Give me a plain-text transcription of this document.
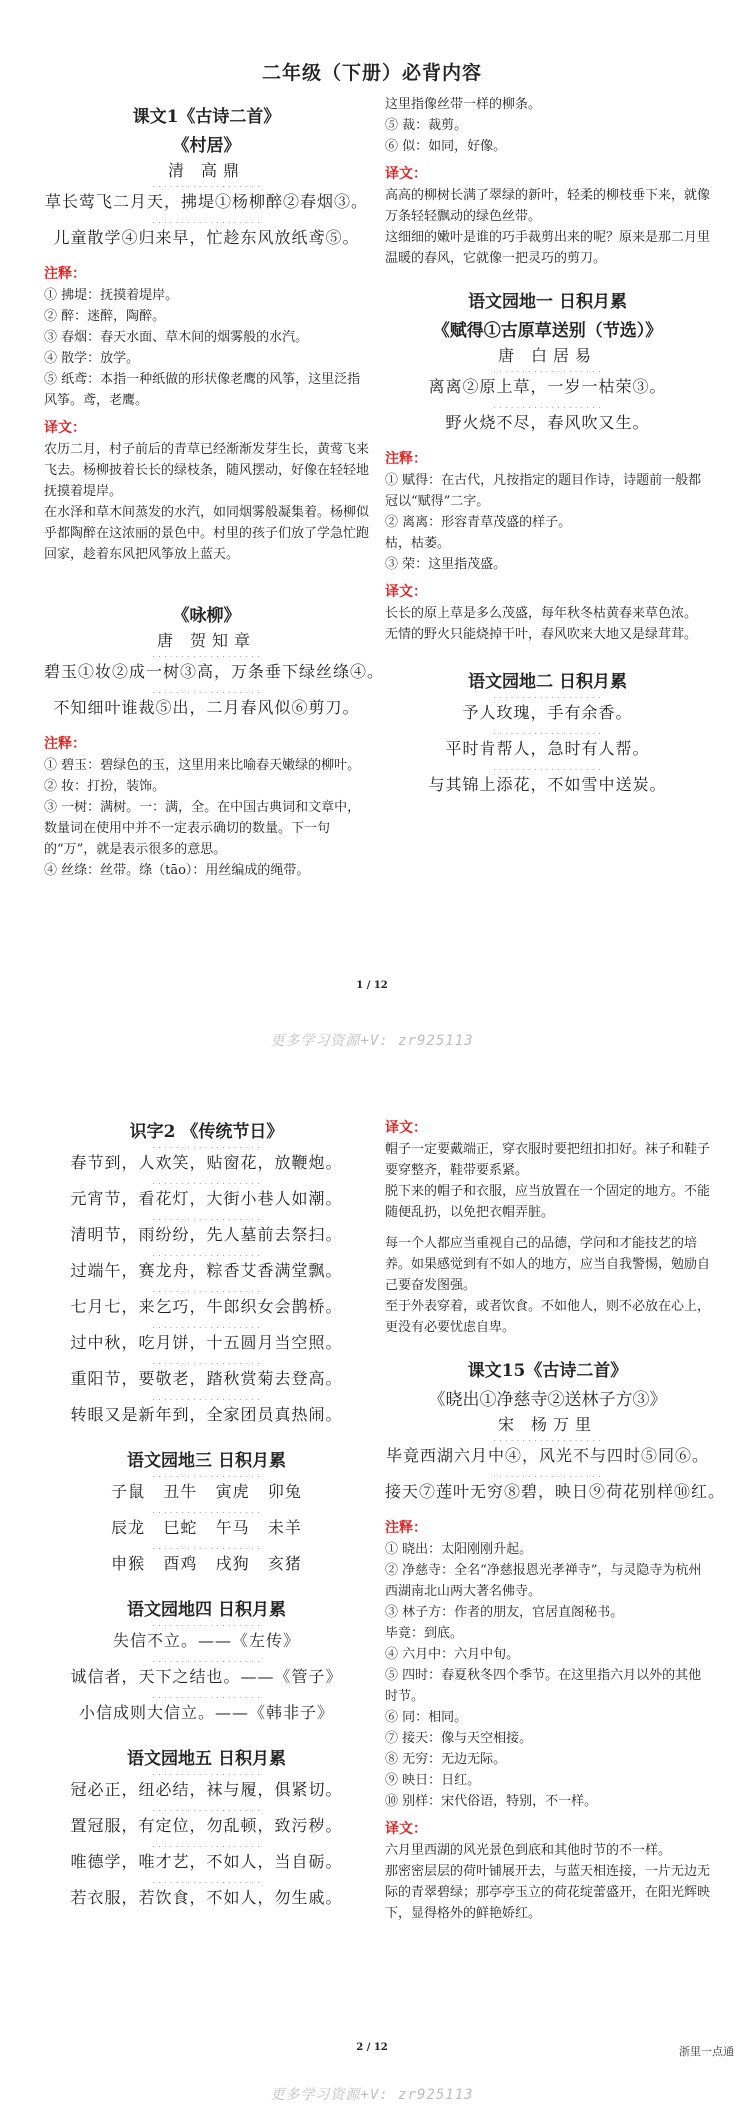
二年级（下册）必背内容
课文1《古诗二首》
《村居》
清 高鼎
· · · 草长莺飞二月天，拂堤①杨柳醉②春烟③。
· · · 儿童散学④归来早，忙趁东风放纸鸢⑤。
注释：

① 拂堤：抚摸着堤岸。

② 醉：迷醉，陶醉。

③ 春烟：春天水面、草木间的烟雾般的水汽。

④ 散学：放学。

⑤ 纸鸢：本指一种纸做的形状像老鹰的风筝，这里泛指风筝。鸢，老鹰。

译文：

农历二月，村子前后的青草已经渐渐发芽生长，黄莺飞来飞去。杨柳披着长长的绿枝条，随风摆动，好像在轻轻地抚摸着堤岸。

在水泽和草木间蒸发的水汽，如同烟雾般凝集着。杨柳似乎都陶醉在这浓丽的景色中。村里的孩子们放了学急忙跑回家，趁着东风把风筝放上蓝天。

《咏柳》
唐 贺知章
· · · 碧玉①妆②成一树③高，万条垂下绿丝绦④。
· · · 不知细叶谁裁⑤出，二月春风似⑥剪刀。
注释：

① 碧玉：碧绿色的玉，这里用来比喻春天嫩绿的柳叶。

② 妆：打扮，装饰。

③ 一树：满树。一：满，全。在中国古典词和文章中，数量词在使用中并不一定表示确切的数量。下一句的“万”，就是表示很多的意思。

④ 丝绦：丝带。绦（tāo）：用丝编成的绳带。

这里指像丝带一样的柳条。

⑤ 裁：裁剪。

⑥ 似：如同，好像。

译文：

高高的柳树长满了翠绿的新叶，轻柔的柳枝垂下来，就像万条轻轻飘动的绿色丝带。

这细细的嫩叶是谁的巧手裁剪出来的呢？原来是那二月里温暖的春风，它就像一把灵巧的剪刀。

语文园地一 日积月累
《赋得①古原草送别（节选）》
唐 白居易
· · · 离离②原上草，一岁一枯荣③。
· · · 野火烧不尽，春风吹又生。
注释：

① 赋得：在古代，凡按指定的题目作诗，诗题前一般都冠以“赋得”二字。

② 离离：形容青草茂盛的样子。

枯，枯萎。

③ 荣：这里指茂盛。

译文：

长长的原上草是多么茂盛，每年秋冬枯黄春来草色浓。

无情的野火只能烧掉干叶，春风吹来大地又是绿茸茸。

语文园地二 日积月累
· · · 予人玫瑰，手有余香。
· · · 平时肯帮人，急时有人帮。
· · · 与其锦上添花，不如雪中送炭。
1 / 12
更多学习资源+V: zr925113
识字2 《传统节日》
· · · 春节到，人欢笑，贴窗花，放鞭炮。
· · · 元宵节，看花灯，大街小巷人如潮。
· · · 清明节，雨纷纷，先人墓前去祭扫。
· · · 过端午，赛龙舟，粽香艾香满堂飘。
· · · 七月七，来乞巧，牛郎织女会鹊桥。
· · · 过中秋，吃月饼，十五圆月当空照。
· · · 重阳节，要敬老，踏秋赏菊去登高。
· · · 转眼又是新年到，全家团员真热闹。
语文园地三 日积月累
· · · 子鼠   丑牛   寅虎   卯兔
· · · 辰龙   巳蛇   午马   未羊
· · · 申猴   酉鸡   戌狗   亥猪
语文园地四 日积月累
· · · 失信不立。——《左传》
· · · 诚信者，天下之结也。——《管子》
· · · 小信成则大信立。——《韩非子》
语文园地五 日积月累
· · · 冠必正，纽必结，袜与履，俱紧切。
· · · 置冠服，有定位，勿乱顿，致污秽。
· · · 唯德学，唯才艺，不如人，当自砺。
· · · 若衣服，若饮食，不如人，勿生戚。
译文：

帽子一定要戴端正，穿衣服时要把纽扣扣好。袜子和鞋子要穿整齐，鞋带要系紧。

脱下来的帽子和衣服，应当放置在一个固定的地方。不能随便乱扔，以免把衣帽弄脏。

每一个人都应当重视自己的品德，学问和才能技艺的培养。如果感觉到有不如人的地方，应当自我警惕，勉励自己要奋发图强。

至于外表穿着，或者饮食。不如他人，则不必放在心上，更没有必要忧虑自卑。

课文15《古诗二首》
《晓出①净慈寺②送林子方③》
宋 杨万里
· · · 毕竟西湖六月中④，风光不与四时⑤同⑥。
· · · 接天⑦莲叶无穷⑧碧，映日⑨荷花别样⑩红。
注释：

① 晓出：太阳刚刚升起。

② 净慈寺：全名“净慈报恩光孝禅寺”，与灵隐寺为杭州西湖南北山两大著名佛寺。

③ 林子方：作者的朋友，官居直阁秘书。

毕竟：到底。

④ 六月中：六月中旬。

⑤ 四时：春夏秋冬四个季节。在这里指六月以外的其他时节。

⑥ 同：相同。

⑦ 接天：像与天空相接。

⑧ 无穷：无边无际。

⑨ 映日：日红。

⑩ 别样：宋代俗语，特别，不一样。

译文：

六月里西湖的风光景色到底和其他时节的不一样。

那密密层层的荷叶铺展开去，与蓝天相连接，一片无边无际的青翠碧绿；那亭亭玉立的荷花绽蕾盛开，在阳光辉映下，显得格外的鲜艳娇红。

2 / 12	浙里一点通
更多学习资源+V: zr925113
